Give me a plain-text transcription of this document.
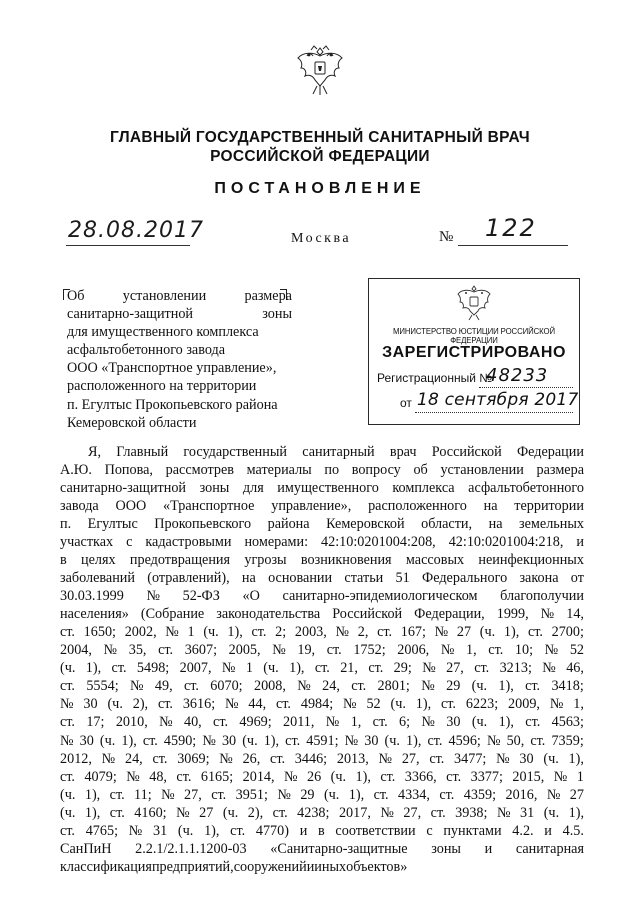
ГЛАВНЫЙ ГОСУДАРСТВЕННЫЙ САНИТАРНЫЙ ВРАЧ
РОССИЙСКОЙ ФЕДЕРАЦИИ
ПОСТАНОВЛЕНИЕ
28.08.2017	Москва	№ 122
Об	установлении	размера
санитарно-защитной	зоны
для имущественного комплекса
асфальтобетонного завода
ООО «Транспортное управление»,
расположенного на территории
п. Егултыс Прокопьевского района
Кемеровской области
МИНИСТЕРСТВО ЮСТИЦИИ РОССИЙСКОЙ ФЕДЕРАЦИИ
ЗАРЕГИСТРИРОВАНО
Регистрационный №
48233
от 18 сентября 2017
Я, Главный государственный санитарный врач Российской Федерации
А.Ю. Попова, рассмотрев материалы по вопросу об установлении размера
санитарно-защитной зоны для имущественного комплекса асфальтобетонного
завода ООО «Транспортное управление», расположенного на территории
п. Егултыс Прокопьевского района Кемеровской области, на земельных
участках с кадастровыми номерами: 42:10:0201004:208, 42:10:0201004:218, и
в целях предотвращения угрозы возникновения массовых неинфекционных
заболеваний (отравлений), на основании статьи 51 Федерального закона от
30.03.1999 № 52-ФЗ «О санитарно-эпидемиологическом благополучии
населения» (Собрание законодательства Российской Федерации, 1999, № 14,
ст. 1650; 2002, № 1 (ч. 1), ст. 2; 2003, № 2, ст. 167; № 27 (ч. 1), ст. 2700;
2004, № 35, ст. 3607; 2005, № 19, ст. 1752; 2006, № 1, ст. 10; № 52
(ч. 1), ст. 5498; 2007, № 1 (ч. 1), ст. 21, ст. 29; № 27, ст. 3213; № 46,
ст. 5554; № 49, ст. 6070; 2008, № 24, ст. 2801; № 29 (ч. 1), ст. 3418;
№ 30 (ч. 2), ст. 3616; № 44, ст. 4984; № 52 (ч. 1), ст. 6223; 2009, № 1,
ст. 17; 2010, № 40, ст. 4969; 2011, № 1, ст. 6; № 30 (ч. 1), ст. 4563;
№ 30 (ч. 1), ст. 4590; № 30 (ч. 1), ст. 4591; № 30 (ч. 1), ст. 4596; № 50, ст. 7359;
2012, № 24, ст. 3069; № 26, ст. 3446; 2013, № 27, ст. 3477; № 30 (ч. 1),
ст. 4079; № 48, ст. 6165; 2014, № 26 (ч. 1), ст. 3366, ст. 3377; 2015, № 1
(ч. 1), ст. 11; № 27, ст. 3951; № 29 (ч. 1), ст. 4334, ст. 4359; 2016, № 27
(ч. 1), ст. 4160; № 27 (ч. 2), ст. 4238; 2017, № 27, ст. 3938; № 31 (ч. 1),
ст. 4765; № 31 (ч. 1), ст. 4770) и в соответствии с пунктами 4.2. и 4.5.
СанПиН 2.2.1/2.1.1.1200-03 «Санитарно-защитные зоны и санитарная
классификация предприятий, сооружений и иных объектов»
